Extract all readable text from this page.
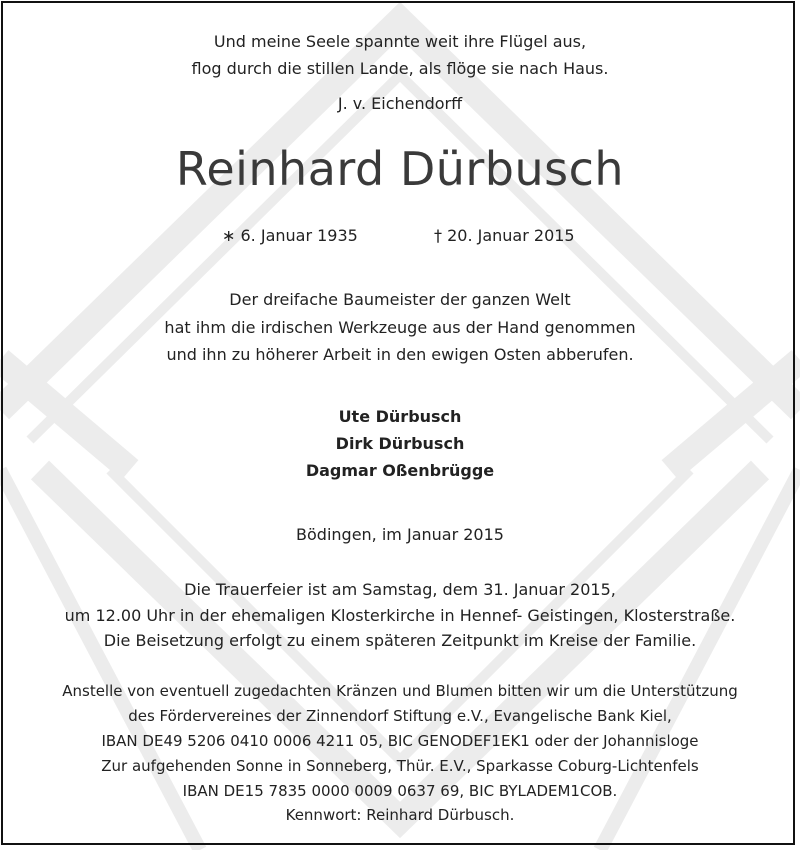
Und meine Seele spannte weit ihre Flügel aus,
flog durch die stillen Lande, als flöge sie nach Haus.
J. v. Eichendorff
Reinhard Dürbusch
∗ 6. Januar 1935	† 20. Januar 2015
Der dreifache Baumeister der ganzen Welt
hat ihm die irdischen Werkzeuge aus der Hand genommen
und ihn zu höherer Arbeit in den ewigen Osten abberufen.
Ute Dürbusch
Dirk Dürbusch
Dagmar Oßenbrügge
Bödingen, im Januar 2015
Die Trauerfeier ist am Samstag, dem 31. Januar 2015,
um 12.00 Uhr in der ehemaligen Klosterkirche in Hennef- Geistingen, Klosterstraße.
Die Beisetzung erfolgt zu einem späteren Zeitpunkt im Kreise der Familie.
Anstelle von eventuell zugedachten Kränzen und Blumen bitten wir um die Unterstützung
des Fördervereines der Zinnendorf Stiftung e.V., Evangelische Bank Kiel,
IBAN DE49 5206 0410 0006 4211 05, BIC GENODEF1EK1 oder der Johannisloge
Zur aufgehenden Sonne in Sonneberg, Thür. E.V., Sparkasse Coburg-Lichtenfels
IBAN DE15 7835 0000 0009 0637 69, BIC BYLADEM1COB.
Kennwort: Reinhard Dürbusch.
